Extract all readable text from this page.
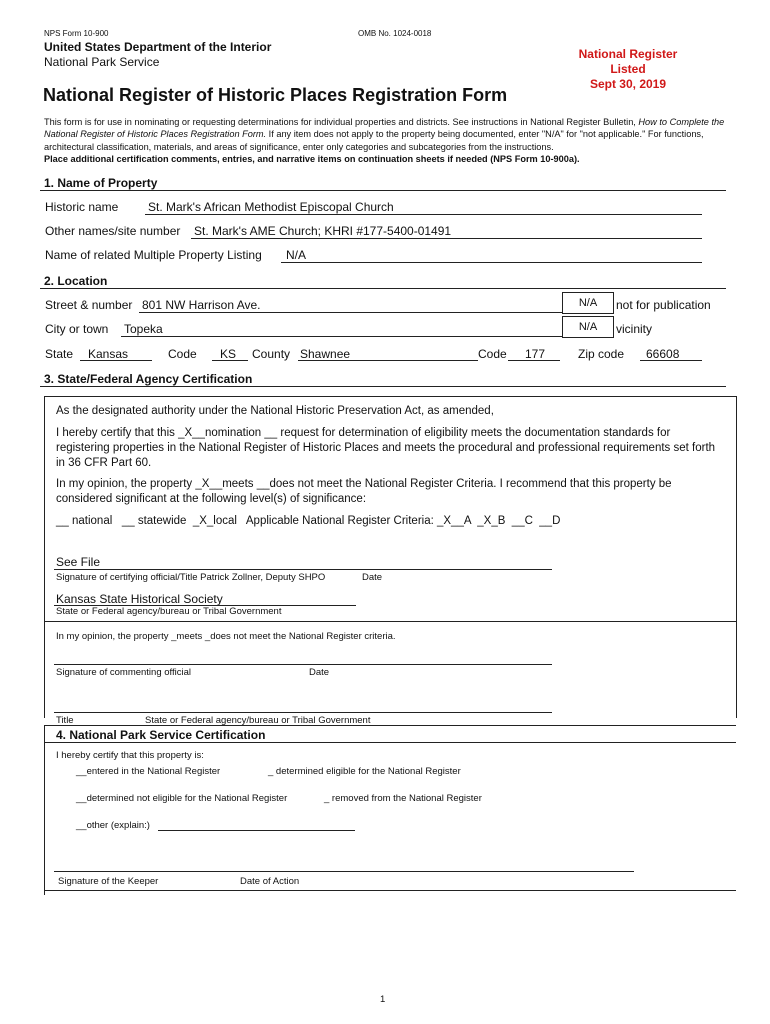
NPS Form 10-900	OMB No. 1024-0018
United States Department of the Interior
National Park Service
National Register
Listed
Sept 30, 2019
National Register of Historic Places Registration Form
This form is for use in nominating or requesting determinations for individual properties and districts. See instructions in National Register Bulletin, How to Complete the National Register of Historic Places Registration Form. If any item does not apply to the property being documented, enter "N/A" for "not applicable." For functions, architectural classification, materials, and areas of significance, enter only categories and subcategories from the instructions.
Place additional certification comments, entries, and narrative items on continuation sheets if needed (NPS Form 10-900a).
1. Name of Property
Historic name St. Mark's African Methodist Episcopal Church
Other names/site number St. Mark's AME Church; KHRI #177-5400-01491
Name of related Multiple Property Listing N/A
2. Location
Street & number 801 NW Harrison Ave.	N/A	not for publication
City or town Topeka	N/A	vicinity
State Kansas	Code KS County Shawnee	Code 177	Zip code 66608
3. State/Federal Agency Certification
As the designated authority under the National Historic Preservation Act, as amended,
I hereby certify that this _X__nomination __ request for determination of eligibility meets the documentation standards for registering properties in the National Register of Historic Places and meets the procedural and professional requirements set forth in 36 CFR Part 60.
In my opinion, the property _X__meets __does not meet the National Register Criteria. I recommend that this property be considered significant at the following level(s) of significance:
__ national   __ statewide  _X_local   Applicable National Register Criteria: _X__A  _X_B  __C  __D
See File
Signature of certifying official/Title Patrick Zollner, Deputy SHPO	Date
Kansas State Historical Society
State or Federal agency/bureau or Tribal Government
In my opinion, the property _meets _does not meet the National Register criteria.
Signature of commenting official	Date
Title	State or Federal agency/bureau or Tribal Government
4. National Park Service Certification
I hereby certify that this property is:
__entered in the National Register	_ determined eligible for the National Register
__determined not eligible for the National Register	_ removed from the National Register
__other (explain:)
Signature of the Keeper	Date of Action
1
